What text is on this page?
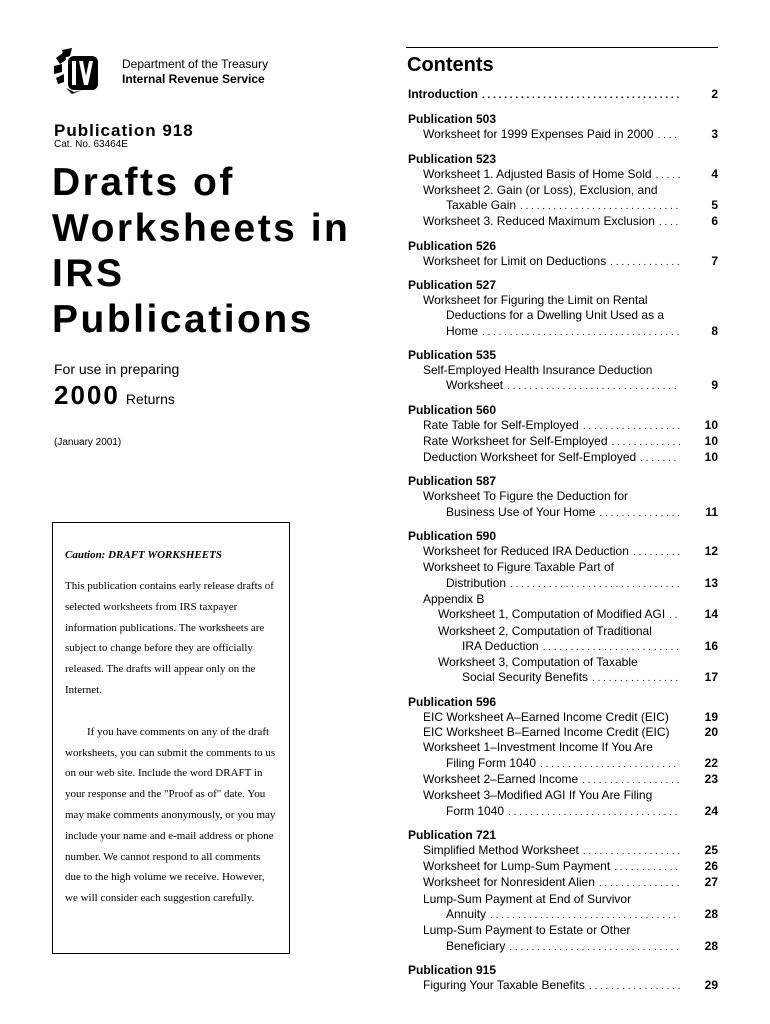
Department of the Treasury
Internal Revenue Service
Publication 918
Cat. No. 63464E
Drafts of
Worksheets in
IRS
Publications
For use in preparing
2000 Returns
(January 2001)
Caution: DRAFT WORKSHEETS
This publication contains early release drafts of selected worksheets from IRS taxpayer information publications. The worksheets are subject to change before they are officially released. The drafts will appear only on the Internet.
If you have comments on any of the draft worksheets, you can submit the comments to us on our web site. Include the word DRAFT in your response and the "Proof as of" date. You may make comments anonymously, or you may include your name and e-mail address or phone number. We cannot respond to all comments due to the high volume we receive. However, we will consider each suggestion carefully.
Contents
Introduction . . .	2
Publication 503
Worksheet for 1999 Expenses Paid in 2000 . . .	3
Publication 523
Worksheet 1. Adjusted Basis of Home Sold . . .	4
Worksheet 2. Gain (or Loss), Exclusion, and
Taxable Gain . . .	5
Worksheet 3. Reduced Maximum Exclusion . . .	6
Publication 526
Worksheet for Limit on Deductions . . .	7
Publication 527
Worksheet for Figuring the Limit on Rental
Deductions for a Dwelling Unit Used as a
Home . . .	8
Publication 535
Self-Employed Health Insurance Deduction
Worksheet . . .	9
Publication 560
Rate Table for Self-Employed . . .	10
Rate Worksheet for Self-Employed . . .	10
Deduction Worksheet for Self-Employed . . .	10
Publication 587
Worksheet To Figure the Deduction for
Business Use of Your Home . . .	11
Publication 590
Worksheet for Reduced IRA Deduction . . .	12
Worksheet to Figure Taxable Part of
Distribution . . .	13
Appendix B
Worksheet 1, Computation of Modified AGI . . .	14
Worksheet 2, Computation of Traditional
IRA Deduction . . .	16
Worksheet 3, Computation of Taxable
Social Security Benefits . . .	17
Publication 596
EIC Worksheet A–Earned Income Credit (EIC)	19
EIC Worksheet B–Earned Income Credit (EIC)	20
Worksheet 1–Investment Income If You Are
Filing Form 1040 . . .	22
Worksheet 2–Earned Income . . .	23
Worksheet 3–Modified AGI If You Are Filing
Form 1040 . . .	24
Publication 721
Simplified Method Worksheet . . .	25
Worksheet for Lump-Sum Payment . . .	26
Worksheet for Nonresident Alien . . .	27
Lump-Sum Payment at End of Survivor
Annuity . . .	28
Lump-Sum Payment to Estate or Other
Beneficiary . . .	28
Publication 915
Figuring Your Taxable Benefits . . .	29
